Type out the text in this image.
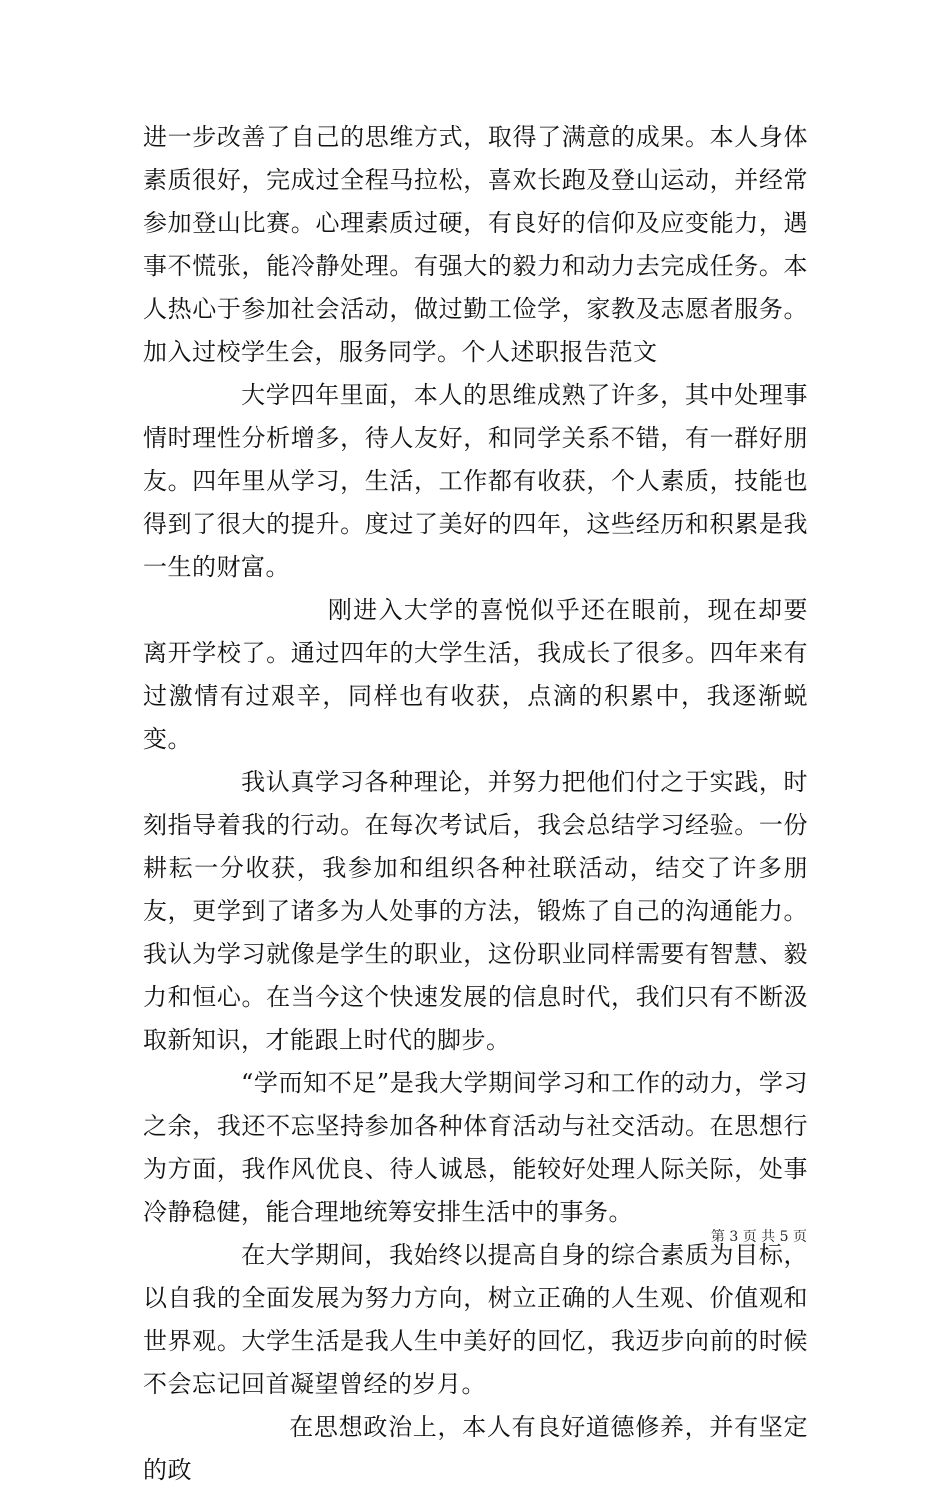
进一步改善了自己的思维方式，取得了满意的成果。本人身体素质很好，完成过全程马拉松，喜欢长跑及登山运动，并经常参加登山比赛。心理素质过硬，有良好的信仰及应变能力，遇事不慌张，能冷静处理。有强大的毅力和动力去完成任务。本人热心于参加社会活动，做过勤工俭学，家教及志愿者服务。加入过校学生会，服务同学。个人述职报告范文

大学四年里面，本人的思维成熟了许多，其中处理事情时理性分析增多，待人友好，和同学关系不错，有一群好朋友。四年里从学习，生活，工作都有收获，个人素质，技能也得到了很大的提升。度过了美好的四年，这些经历和积累是我一生的财富。

刚进入大学的喜悦似乎还在眼前，现在却要离开学校了。通过四年的大学生活，我成长了很多。四年来有过激情有过艰辛，同样也有收获，点滴的积累中，我逐渐蜕变。

我认真学习各种理论，并努力把他们付之于实践，时刻指导着我的行动。在每次考试后，我会总结学习经验。一份耕耘一分收获，我参加和组织各种社联活动，结交了许多朋友，更学到了诸多为人处事的方法，锻炼了自己的沟通能力。我认为学习就像是学生的职业，这份职业同样需要有智慧、毅力和恒心。在当今这个快速发展的信息时代，我们只有不断汲取新知识，才能跟上时代的脚步。

“学而知不足”是我大学期间学习和工作的动力，学习之余，我还不忘坚持参加各种体育活动与社交活动。在思想行为方面，我作风优良、待人诚恳，能较好处理人际关际，处事冷静稳健，能合理地统筹安排生活中的事务。

在大学期间，我始终以提高自身的综合素质为目标，以自我的全面发展为努力方向，树立正确的人生观、价值观和世界观。大学生活是我人生中美好的回忆，我迈步向前的时候不会忘记回首凝望曾经的岁月。

在思想政治上，本人有良好道德修养，并有坚定的政

第 3 页 共 5 页
